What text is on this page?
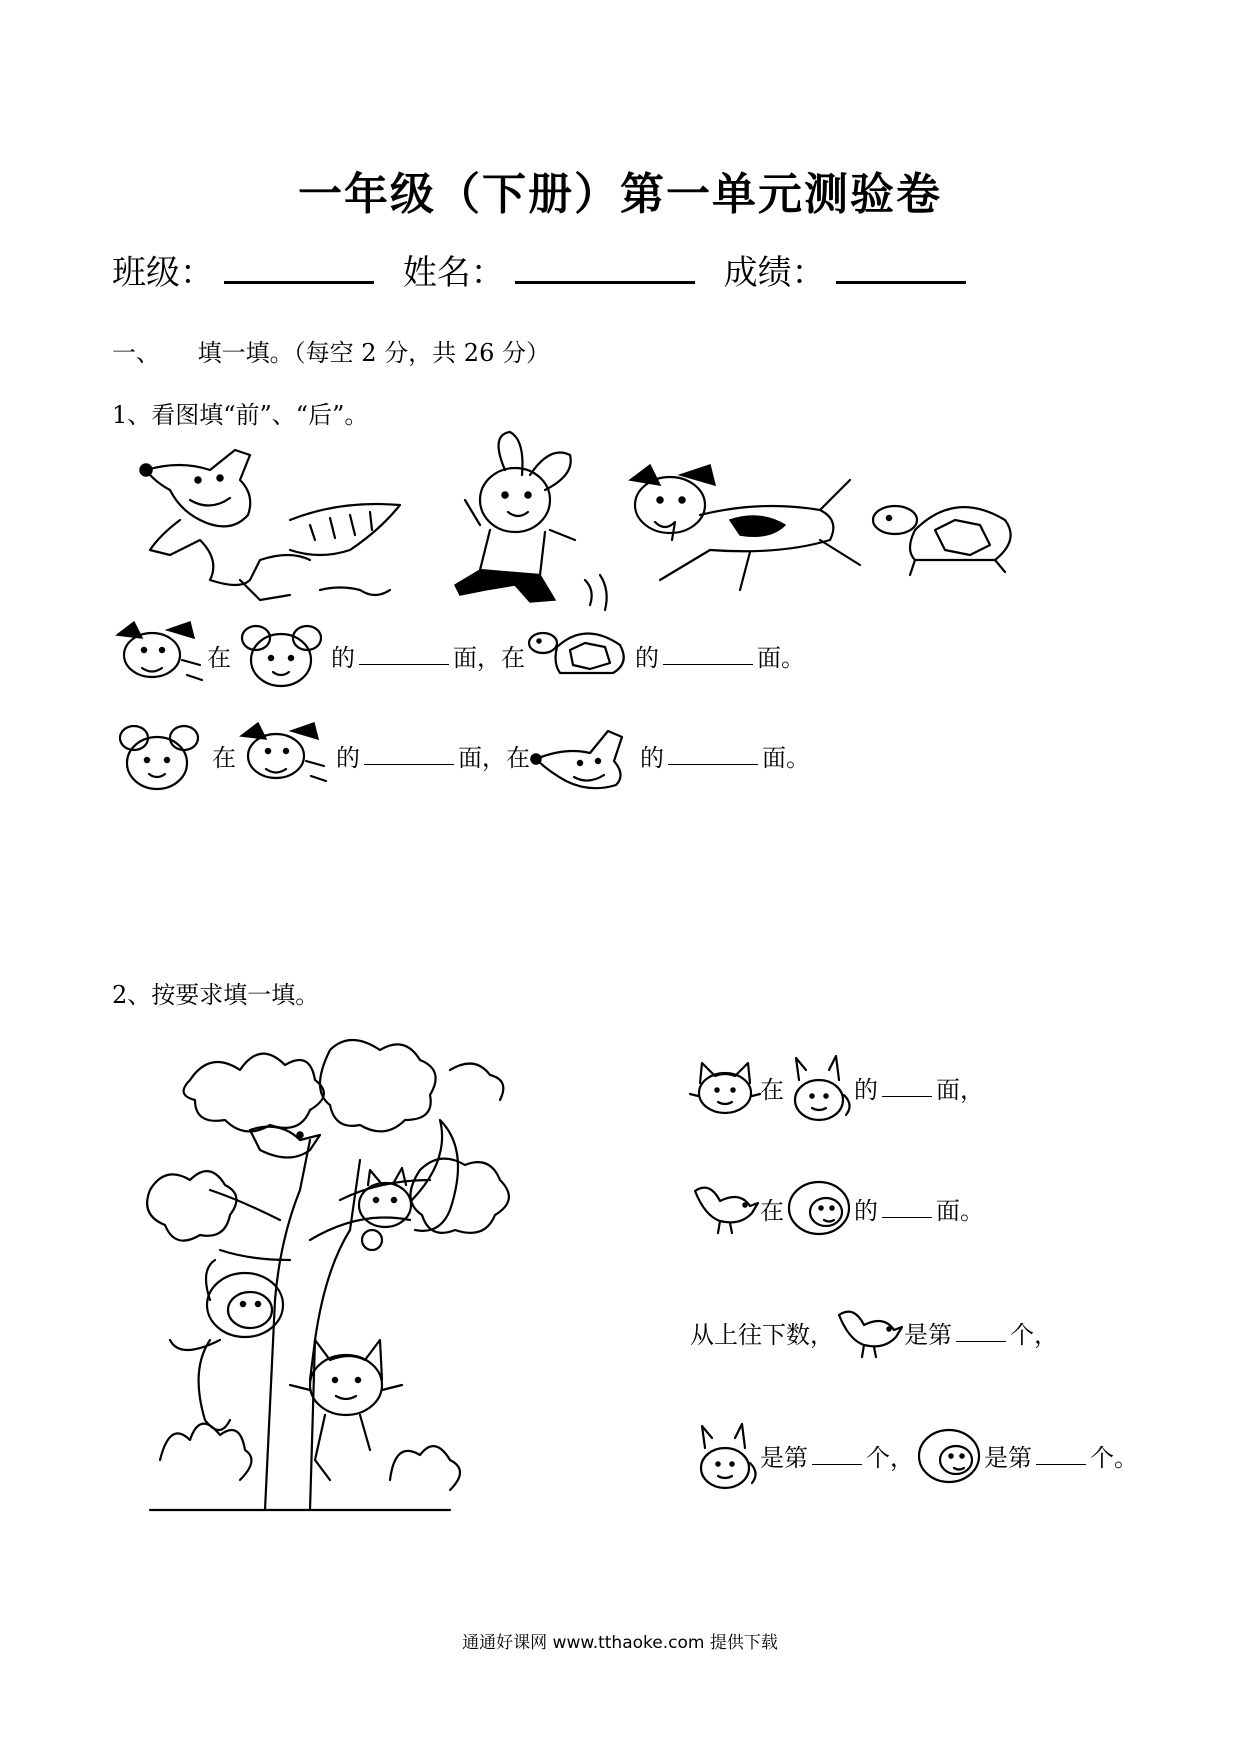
一年级（下册）第一单元测验卷
班级：	姓名：	成绩：
一、 填一填。（每空 2 分，共 26 分）
1、看图填“前”、“后”。
在	的	面，在	的	面。
在	的	面，在	的	面。
2、按要求填一填。
在	的 面，
在	的 面。
从上往下数，	是第 个，
是第 个，	是第 个。
通通好课网 www.tthaoke.com 提供下载
